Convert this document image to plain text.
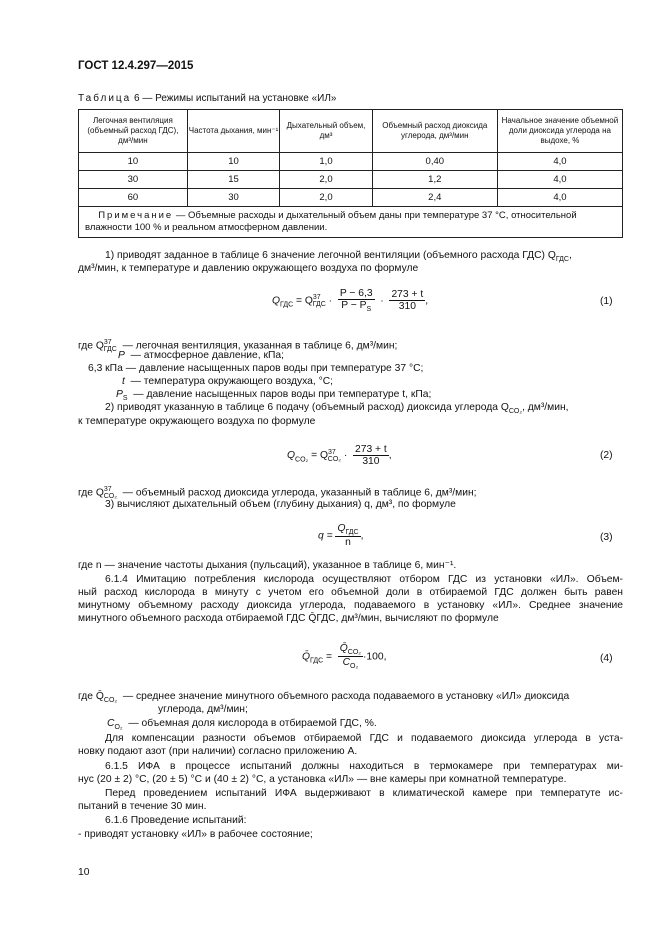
ГОСТ 12.4.297—2015
Таблица 6 — Режимы испытаний на установке «ИЛ»
Легочная вентиляция (объемный расход ГДС), дм³/мин	Частота дыхания, мин⁻¹	Дыхательный объем, дм³	Объемный расход диоксида углерода, дм³/мин	Начальное значение объемной доли диоксида углерода на выдохе, %
10	10	1,0	0,40	4,0
30	15	2,0	1,2	4,0
60	30	2,0	2,4	4,0
Примечание — Объемные расходы и дыхательный объем даны при температуре 37 °С, относительной влажности 100 % и реальном атмосферном давлении.				
1) приводят заданное в таблице 6 значение легочной вентиляции (объемного расхода ГДС) $Q_{ГДС}$,
дм³/мин, к температуре и давлению окружающего воздуха по формуле
$Q_{ГДС} = Q^{37}_{ГДС} \cdot \frac{P - 6,3}{P - P_S} \cdot \frac{273 + t}{310}$ ,	(1)
где $Q^{37}_{ГДС}$ — легочная вентиляция, указанная в таблице 6, дм³/мин;
P — атмосферное давление, кПа;
6,3 кПа — давление насыщенных паров воды при температуре 37 °С;
t — температура окружающего воздуха, °С;
$P_S$ — давление насыщенных паров воды при температуре t, кПа;
2) приводят указанную в таблице 6 подачу (объемный расход) диоксида углерода $Q_{CO_2}$, дм³/мин,
к температуре окружающего воздуха по формуле
$Q_{CO_2} = Q^{37}_{CO_2} \cdot \frac{273 + t}{310}$ ,	(2)
где $Q^{37}_{CO_2}$ — объемный расход диоксида углерода, указанный в таблице 6, дм³/мин;
3) вычисляют дыхательный объем (глубину дыхания) q, дм³, по формуле
$q = \frac{Q_{ГДС}}{n}$ ,	(3)
где n — значение частоты дыхания (пульсаций), указанное в таблице 6, мин⁻¹.
6.1.4 Имитацию потребления кислорода осуществляют отбором ГДС из установки «ИЛ». Объем-
ный расход кислорода в минуту с учетом его объемной доли в отбираемой ГДС должен быть равен
минутному объемному расходу диоксида углерода, подаваемого в установку «ИЛ». Среднее значение
минутного объемного расхода отбираемой ГДС Q̄ГДС, дм³/мин, вычисляют по формуле
$Q̄_{ГДС} = \frac{Q̄_{CO_2}}{C_{O_2}} \cdot 100$,	(4)
где $Q̄_{CO_2}$ — среднее значение минутного объемного расхода подаваемого в установку «ИЛ» диоксида
углерода, дм³/мин;
$C_{O_2}$ — объемная доля кислорода в отбираемой ГДС, %.
Для компенсации разности объемов отбираемой ГДС и подаваемого диоксида углерода в уста-
новку подают азот (при наличии) согласно приложению А.
6.1.5 ИФА в процессе испытаний должны находиться в термокамере при температурах ми-
нус (20 ± 2) °С, (20 ± 5) °С и (40 ± 2) °С, а установка «ИЛ» — вне камеры при комнатной температуре.
Перед проведением испытаний ИФА выдерживают в климатической камере при температуте ис-
пытаний в течение 30 мин.
6.1.6 Проведение испытаний:
- приводят установку «ИЛ» в рабочее состояние;
10
